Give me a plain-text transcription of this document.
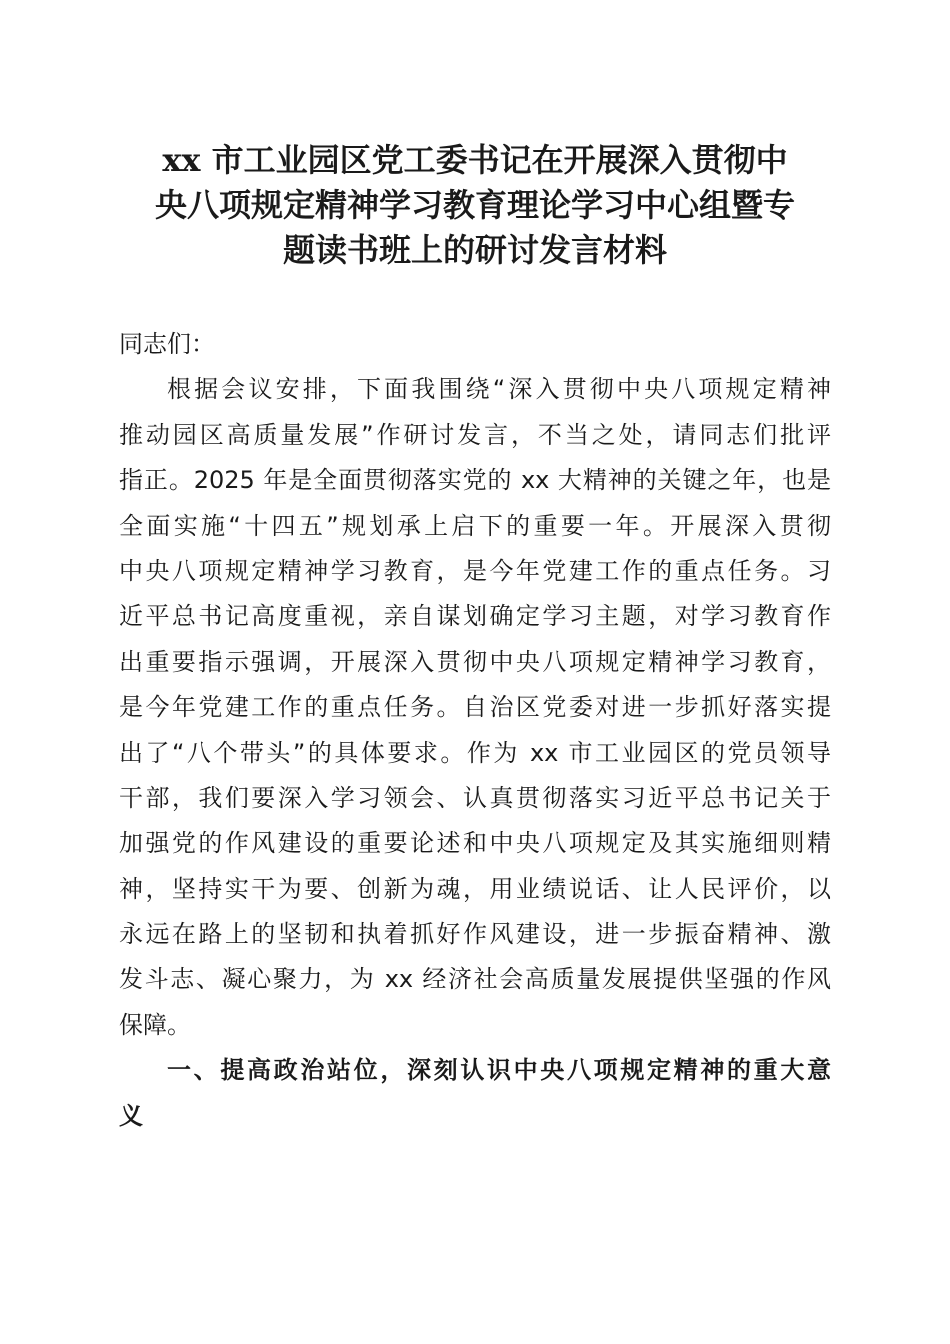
xx 市工业园区党工委书记在开展深入贯彻中
央八项规定精神学习教育理论学习中心组暨专
题读书班上的研讨发言材料
同志们：
根据会议安排，下面我围绕“深入贯彻中央八项规定精神
推动园区高质量发展”作研讨发言，不当之处，请同志们批评
指正。2025 年是全面贯彻落实党的 xx 大精神的关键之年，也是
全面实施“十四五”规划承上启下的重要一年。开展深入贯彻
中央八项规定精神学习教育，是今年党建工作的重点任务。习
近平总书记高度重视，亲自谋划确定学习主题，对学习教育作
出重要指示强调，开展深入贯彻中央八项规定精神学习教育，
是今年党建工作的重点任务。自治区党委对进一步抓好落实提
出了“八个带头”的具体要求。作为 xx 市工业园区的党员领导
干部，我们要深入学习领会、认真贯彻落实习近平总书记关于
加强党的作风建设的重要论述和中央八项规定及其实施细则精
神，坚持实干为要、创新为魂，用业绩说话、让人民评价，以
永远在路上的坚韧和执着抓好作风建设，进一步振奋精神、激
发斗志、凝心聚力，为 xx 经济社会高质量发展提供坚强的作风
保障。
一、提高政治站位，深刻认识中央八项规定精神的重大意
义
